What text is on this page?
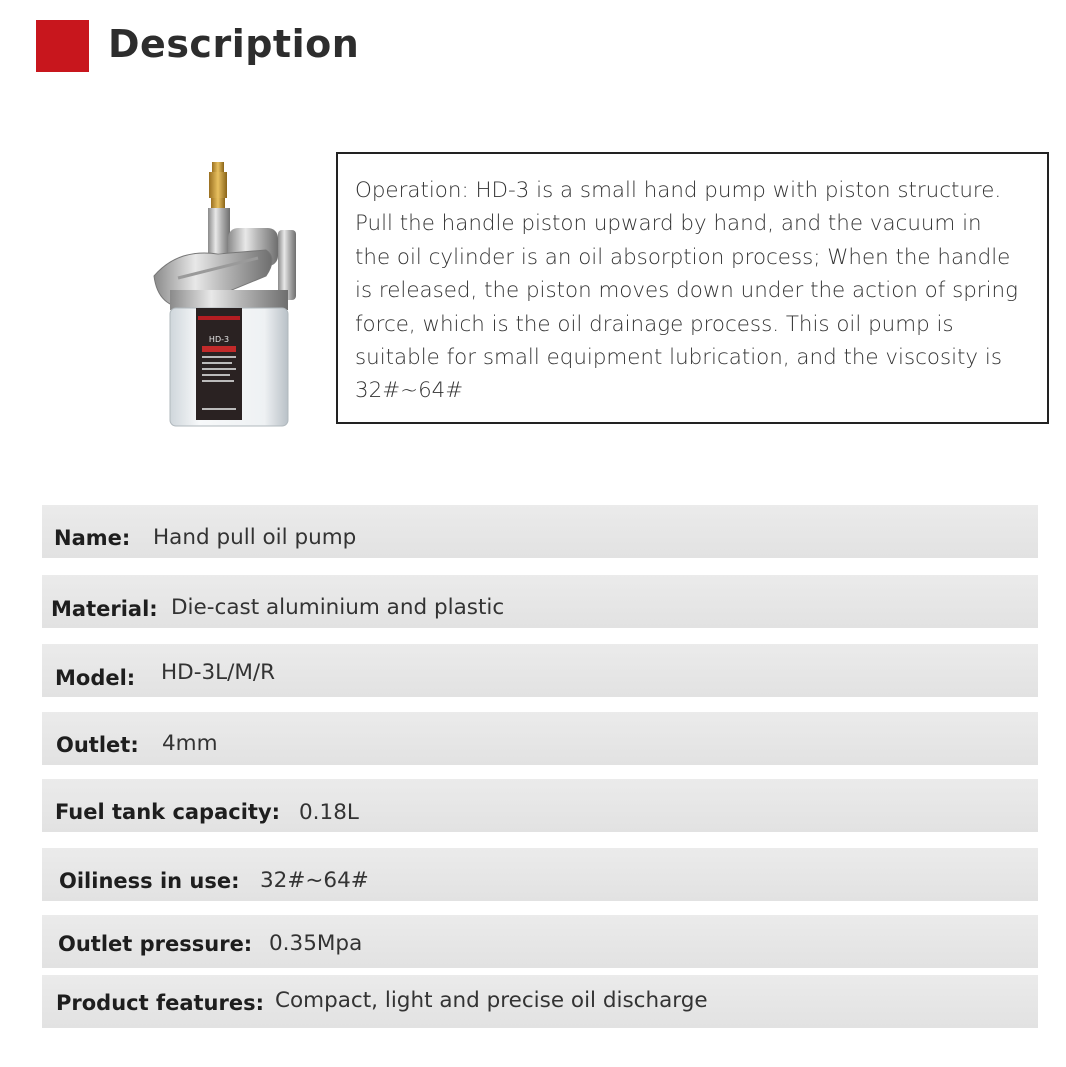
Description
HD-3

Operation: HD-3 is a small hand pump with piston structure.
Pull the handle piston upward by hand, and the vacuum in
the oil cylinder is an oil absorption process; When the handle
is released, the piston moves down under the action of spring
force, which is the oil drainage process. This oil pump is
suitable for small equipment lubrication, and the viscosity is
32#~64#

Name: Hand pull oil pump
Material: Die-cast aluminium and plastic
Model: HD-3L/M/R
Outlet: 4mm
Fuel tank capacity: 0.18L
Oiliness in use: 32#~64#
Outlet pressure: 0.35Mpa
Product features: Compact, light and precise oil discharge
